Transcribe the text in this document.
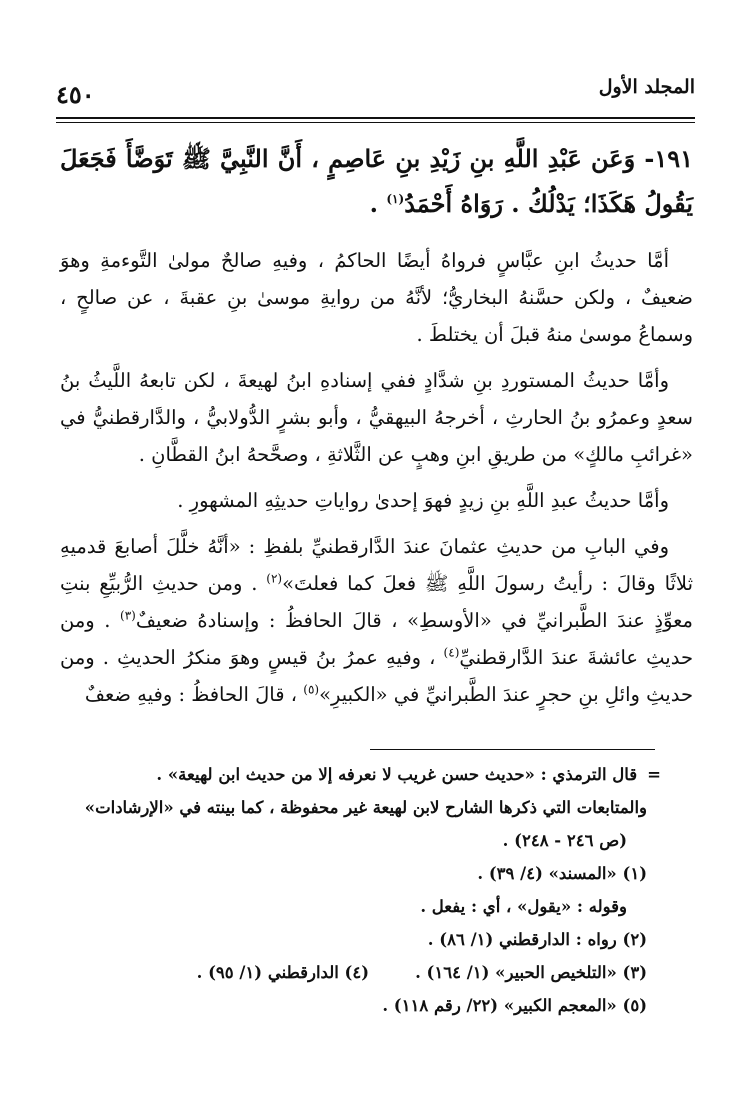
المجلد الأول
٤٥٠
١٩١- وَعَن عَبْدِ اللَّهِ بنِ زَيْدِ بنِ عَاصِمٍ ، أَنَّ النَّبِيَّ ﷺ تَوَضَّأَ فَجَعَلَ يَقُولُ هَكَذَا؛ يَدْلُكُ . رَوَاهُ أَحْمَدُ$^{(١)}$ .

أمَّا حديثُ ابنِ عبَّاسٍ فرواهُ أيضًا الحاكمُ ، وفيهِ صالحٌ مولىٰ التَّوءمةِ وهوَ ضعيفٌ ، ولكن حسَّنهُ البخاريُّ؛ لأنَّهُ من روايةِ موسىٰ بنِ عقبةَ ، عن صالحٍ ، وسماعُ موسىٰ منهُ قبلَ أن يختلطَ .

وأمَّا حديثُ المستوردِ بنِ شدَّادٍ ففي إسنادهِ ابنُ لهيعةَ ، لكن تابعهُ اللَّيثُ بنُ سعدٍ وعمرُو بنُ الحارثِ ، أخرجهُ البيهقيُّ ، وأبو بشرٍ الدُّولابيُّ ، والدَّارقطنيُّ في «غرائبِ مالكٍ» من طريقِ ابنِ وهبٍ عن الثَّلاثةِ ، وصحَّحهُ ابنُ القطَّانِ .

وأمَّا حديثُ عبدِ اللَّهِ بنِ زيدٍ فهوَ إحدىٰ رواياتِ حديثِهِ المشهورِ .

وفي البابِ من حديثِ عثمانَ عندَ الدَّارقطنيِّ بلفظِ : «أنَّهُ خلَّلَ أصابعَ قدميهِ ثلاثًا وقالَ : رأيتُ رسولَ اللَّهِ ﷺ فعلَ كما فعلتَ»$^{(٢)}$ . ومن حديثِ الرُّبيِّعِ بنتِ معوِّذٍ عندَ الطَّبرانيِّ في «الأوسطِ» ، قالَ الحافظُ : وإسنادهُ ضعيفٌ$^{(٣)}$ . ومن حديثِ عائشةَ عندَ الدَّارقطنيِّ$^{(٤)}$ ، وفيهِ عمرُ بنُ قيسٍ وهوَ منكرُ الحديثِ . ومن حديثِ وائلِ بنِ حجرٍ عندَ الطَّبرانيِّ في «الكبيرِ»$^{(٥)}$ ، قالَ الحافظُ : وفيهِ ضعفٌ

=قال الترمذي : «حديث حسن غريب لا نعرفه إلا من حديث ابن لهيعة» .
والمتابعات التي ذكرها الشارح لابن لهيعة غير محفوظة ، كما بينته في «الإرشادات»
(ص ٢٤٦ - ٢٤٨) .
(١) «المسند» (٤/ ٣٩) .
وقوله : «يقول» ، أي : يفعل .
(٢) رواه : الدارقطني (١/ ٨٦) .
(٣) «التلخيص الحبير» (١/ ١٦٤) .(٤) الدارقطني (١/ ٩٥) .
(٥) «المعجم الكبير» (٢٢/ رقم ١١٨) .
